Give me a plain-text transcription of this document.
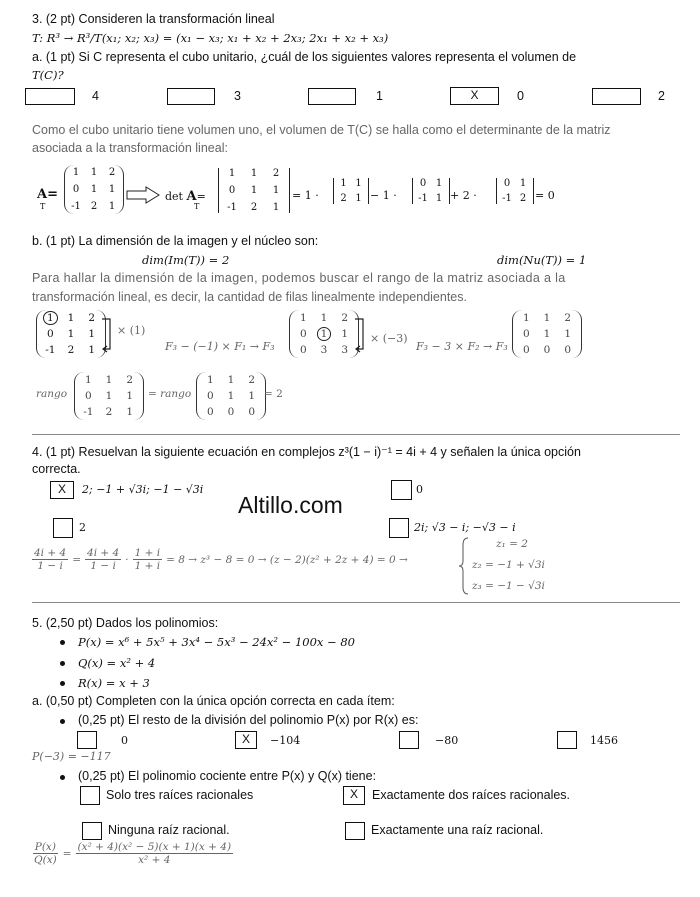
3. (2 pt) Consideren la transformación lineal
T: R³ → R³/T(x₁; x₂; x₃) = (x₁ − x₃; x₁ + x₂ + 2x₃; 2x₁ + x₂ + x₃)
a. (1 pt) Si C representa el cubo unitario, ¿cuál de los siguientes valores representa el volumen de
T(C)?
4	3	1	X	0	2
Como el cubo unitario tiene volumen uno, el volumen de T(C) se halla como el determinante de la matriz
asociada a la transformación lineal:
A=
T
1	1	2
0	1	1
-1 2	1
det A=
T
1	1	2
0	1	1
-1	2	1
= 1 ·
1 1
2 1 − 1 ·
0 1
-1 1 + 2 ·
0 1
-1 2 = 0
b. (1 pt) La dimensión de la imagen y el núcleo son:
dim(Im(T)) = 2	dim(Nu(T)) = 1
Para hallar la dimensión de la imagen, podemos buscar el rango de la matriz asociada a la
transformación lineal, es decir, la cantidad de filas linealmente independientes.
1	1	2
0	1	1
-1	2	1
× (1)
F₃ − (−1) × F₁ → F₃
1	1	2
0	1	1
0	3	3
× (−3)
F₃ − 3 × F₂ → F₃
1	1	2
0	1	1
0	0	0
rango
1	1	2
0	1	1
-1	2	1
= rango
1	1	2
0	1	1
0	0	0
= 2
4. (1 pt) Resuelvan la siguiente ecuación en complejos z³(1 − i)⁻¹ = 4i + 4 y señalen la única opción
correcta.
X	2; −1 + √3i; −1 − √3i	0
2	2i; √3 − i; −√3 − i
Altillo.com
$\frac{4i + 4}{1 - i} = \frac{4i + 4}{1 - i} \cdot \frac{1 + i}{1 + i} = 8 \to z^3 - 8 = 0 \to (z - 2)(z^2 + 2z + 4) = 0$ →
z₁ = 2
z₂ = −1 + √3i
z₃ = −1 − √3i
5. (2,50 pt) Dados los polinomios:
P(x) = x⁶ + 5x⁵ + 3x⁴ − 5x³ − 24x² − 100x − 80
Q(x) = x² + 4
R(x) = x + 3
a. (0,50 pt) Completen con la única opción correcta en cada ítem:
(0,25 pt) El resto de la división del polinomio P(x) por R(x) es:
0	X	−104	−80	1456
P(−3) = −117
(0,25 pt) El polinomio cociente entre P(x) y Q(x) tiene:
Solo tres raíces racionales	X	Exactamente dos raíces racionales.
Ninguna raíz racional.	Exactamente una raíz racional.
$\frac{P(x)}{Q(x)} = \frac{\text{(x² + 4)(x² − 5)(x + 1)(x + 4)}}{\text{x² + 4}}$
